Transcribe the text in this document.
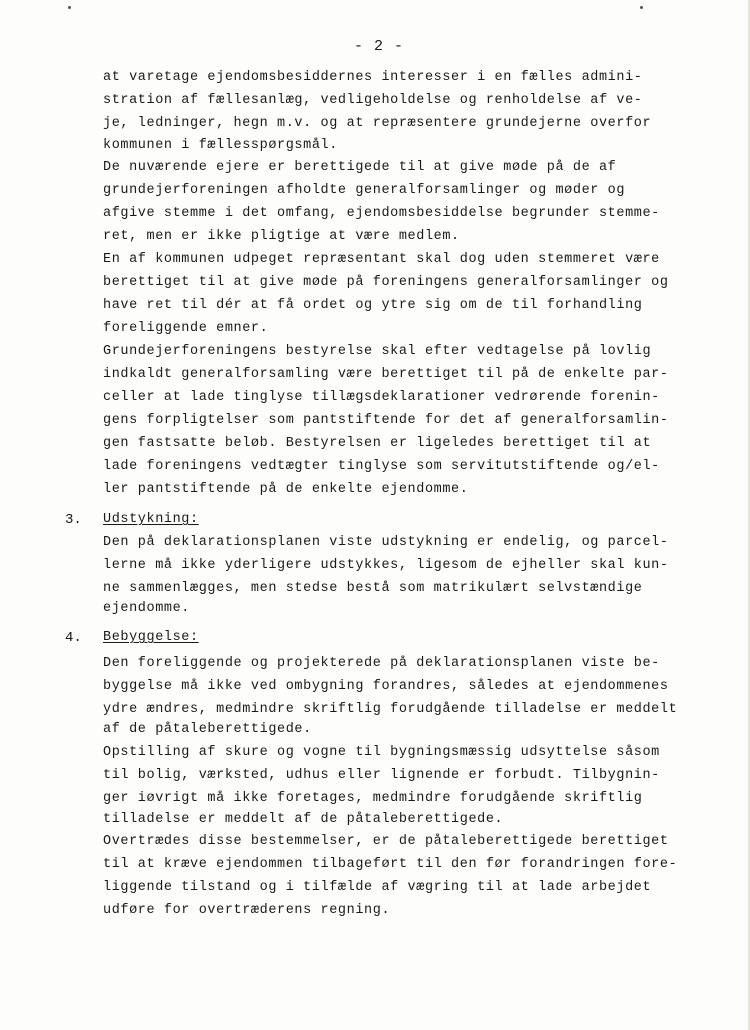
- 2 -
at varetage ejendomsbesiddernes interesser i en fælles admini-
stration af fællesanlæg, vedligeholdelse og renholdelse af ve-
je, ledninger, hegn m.v. og at repræsentere grundejerne overfor
kommunen i fællesspørgsmål.
De nuværende ejere er berettigede til at give møde på de af
grundejerforeningen afholdte generalforsamlinger og møder og
afgive stemme i det omfang, ejendomsbesiddelse begrunder stemme-
ret, men er ikke pligtige at være medlem.
En af kommunen udpeget repræsentant skal dog uden stemmeret være
berettiget til at give møde på foreningens generalforsamlinger og
have ret til dér at få ordet og ytre sig om de til forhandling
foreliggende emner.
Grundejerforeningens bestyrelse skal efter vedtagelse på lovlig
indkaldt generalforsamling være berettiget til på de enkelte par-
celler at lade tinglyse tillægsdeklarationer vedrørende forenin-
gens forpligtelser som pantstiftende for det af generalforsamlin-
gen fastsatte beløb. Bestyrelsen er ligeledes berettiget til at
lade foreningens vedtægter tinglyse som servitutstiftende og/el-
ler pantstiftende på de enkelte ejendomme.
3. Udstykning:
Den på deklarationsplanen viste udstykning er endelig, og parcel-
lerne må ikke yderligere udstykkes, ligesom de ejheller skal kun-
ne sammenlægges, men stedse bestå som matrikulært selvstændige
ejendomme.
4. Bebyggelse:
Den foreliggende og projekterede på deklarationsplanen viste be-
byggelse må ikke ved ombygning forandres, således at ejendommenes
ydre ændres, medmindre skriftlig forudgående tilladelse er meddelt
af de påtaleberettigede.
Opstilling af skure og vogne til bygningsmæssig udsyttelse såsom
til bolig, værksted, udhus eller lignende er forbudt. Tilbygnin-
ger iøvrigt må ikke foretages, medmindre forudgående skriftlig
tilladelse er meddelt af de påtaleberettigede.
Overtrædes disse bestemmelser, er de påtaleberettigede berettiget
til at kræve ejendommen tilbageført til den før forandringen fore-
liggende tilstand og i tilfælde af vægring til at lade arbejdet
udføre for overtræderens regning.
